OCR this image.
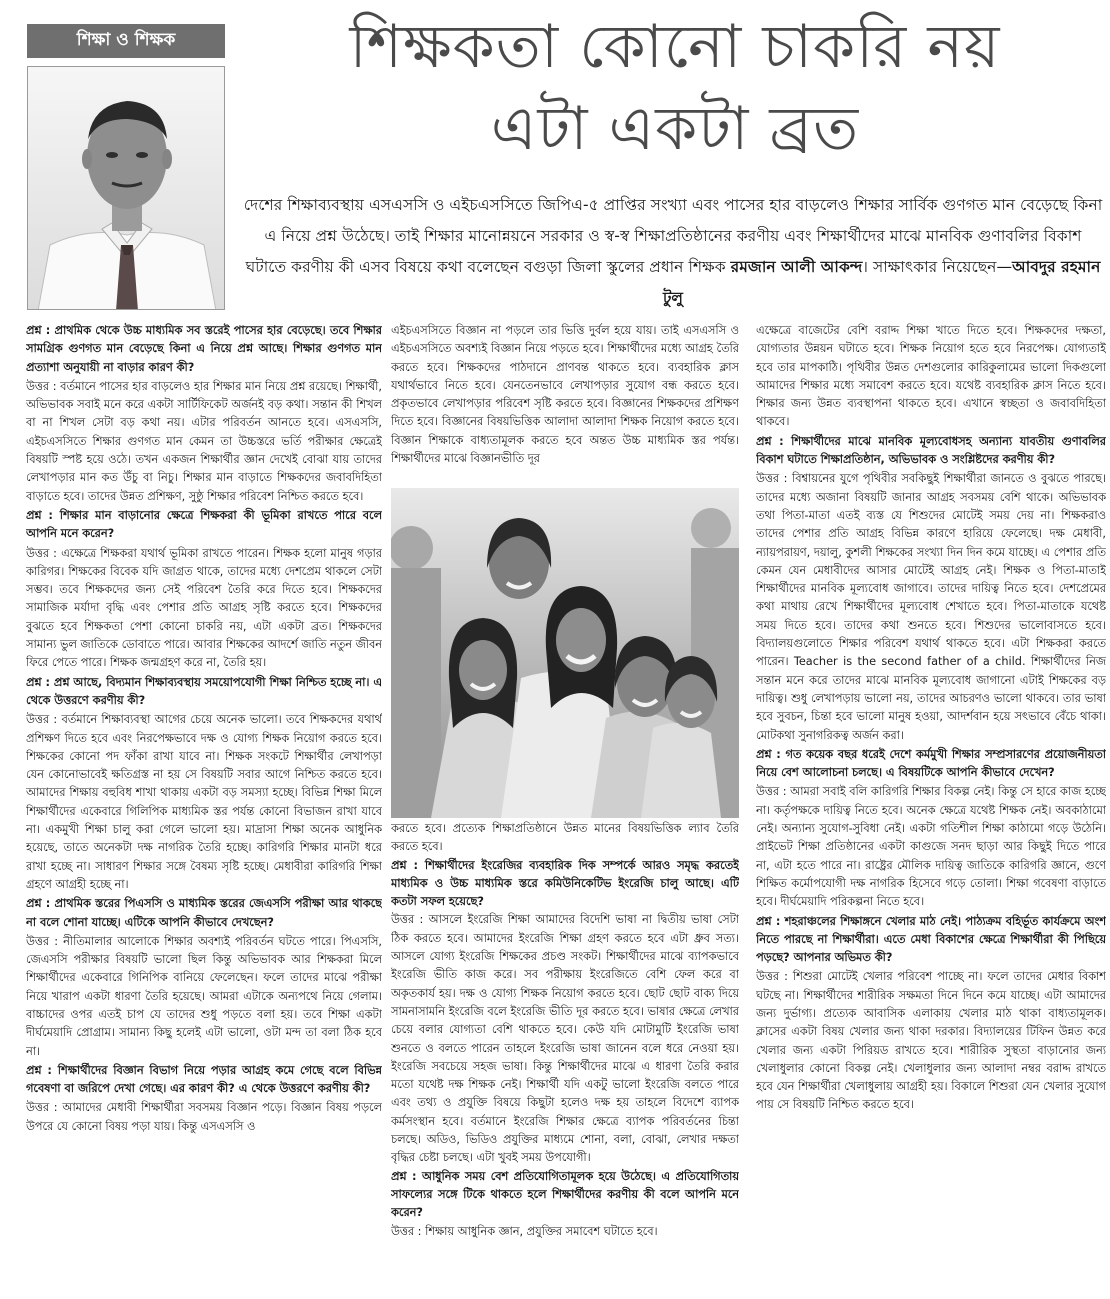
শিক্ষা ও শিক্ষক	শিক্ষকতা কোনো চাকরি নয়
এটা একটা ব্রত
দেশের শিক্ষাব্যবস্থায় এসএসসি ও এইচএসসিতে জিপিএ-৫ প্রাপ্তির সংখ্যা এবং পাসের হার বাড়লেও শিক্ষার সার্বিক গুণগত মান বেড়েছে কিনা এ নিয়ে প্রশ্ন উঠেছে। তাই শিক্ষার মানোন্নয়নে সরকার ও স্ব-স্ব শিক্ষাপ্রতিষ্ঠানের করণীয় এবং শিক্ষার্থীদের মাঝে মানবিক গুণাবলির বিকাশ ঘটাতে করণীয় কী এসব বিষয়ে কথা বলেছেন বগুড়া জিলা স্কুলের প্রধান শিক্ষক রমজান আলী আকন্দ। সাক্ষাৎকার নিয়েছেন—আবদুর রহমান টুলু

প্রশ্ন : প্রাথমিক থেকে উচ্চ মাধ্যমিক সব স্তরেই পাসের হার বেড়েছে। তবে শিক্ষার সামগ্রিক গুণগত মান বেড়েছে কিনা এ নিয়ে প্রশ্ন আছে। শিক্ষার গুণগত মান প্রত্যাশা অনুযায়ী না বাড়ার কারণ কী?

উত্তর : বর্তমানে পাসের হার বাড়লেও হার শিক্ষার মান নিয়ে প্রশ্ন রয়েছে। শিক্ষার্থী, অভিভাবক সবাই মনে করে একটা সার্টিফিকেট অর্জনই বড় কথা। সন্তান কী শিখল বা না শিখল সেটা বড় কথা নয়। এটার পরিবর্তন আনতে হবে। এসএসসি, এইচএসসিতে শিক্ষার গুণগত মান কেমন তা উচ্চস্তরে ভর্তি পরীক্ষার ক্ষেত্রেই বিষয়টি স্পষ্ট হয়ে ওঠে। তখন একজন শিক্ষার্থীর জ্ঞান দেখেই বোঝা যায় তাদের লেখাপড়ার মান কত উঁচু বা নিচু। শিক্ষার মান বাড়াতে শিক্ষকদের জবাবদিহিতা বাড়াতে হবে। তাদের উন্নত প্রশিক্ষণ, সুষ্ঠু শিক্ষার পরিবেশ নিশ্চিত করতে হবে।

প্রশ্ন : শিক্ষার মান বাড়ানোর ক্ষেত্রে শিক্ষকরা কী ভূমিকা রাখতে পারে বলে আপনি মনে করেন?

উত্তর : এক্ষেত্রে শিক্ষকরা যথার্থ ভূমিকা রাখতে পারেন। শিক্ষক হলো মানুষ গড়ার কারিগর। শিক্ষকের বিবেক যদি জাগ্রত থাকে, তাদের মধ্যে দেশপ্রেম থাকলে সেটা সম্ভব। তবে শিক্ষকদের জন্য সেই পরিবেশ তৈরি করে দিতে হবে। শিক্ষকদের সামাজিক মর্যাদা বৃদ্ধি এবং পেশার প্রতি আগ্রহ সৃষ্টি করতে হবে। শিক্ষকদের বুঝতে হবে শিক্ষকতা পেশা কোনো চাকরি নয়, এটা একটা ব্রত। শিক্ষকদের সামান্য ভুল জাতিকে ডোবাতে পারে। আবার শিক্ষকের আদর্শে জাতি নতুন জীবন ফিরে পেতে পারে। শিক্ষক জন্মগ্রহণ করে না, তৈরি হয়।

প্রশ্ন : প্রশ্ন আছে, বিদ্যমান শিক্ষাব্যবস্থায় সময়োপযোগী শিক্ষা নিশ্চিত হচ্ছে না। এ থেকে উত্তরণে করণীয় কী?

উত্তর : বর্তমানে শিক্ষাব্যবস্থা আগের চেয়ে অনেক ভালো। তবে শিক্ষকদের যথার্থ প্রশিক্ষণ দিতে হবে এবং নিরপেক্ষভাবে দক্ষ ও যোগ্য শিক্ষক নিয়োগ করতে হবে। শিক্ষকের কোনো পদ ফাঁকা রাখা যাবে না। শিক্ষক সংকটে শিক্ষার্থীর লেখাপড়া যেন কোনোভাবেই ক্ষতিগ্রস্ত না হয় সে বিষয়টি সবার আগে নিশ্চিত করতে হবে। আমাদের শিক্ষায় বহুবিধ শাখা থাকায় একটা বড় সমস্যা হচ্ছে। বিভিন্ন শিক্ষা মিলে শিক্ষার্থীদের একেবারে গিলিপিক মাধ্যমিক স্তর পর্যন্ত কোনো বিভাজন রাখা যাবে না। একমুখী শিক্ষা চালু করা গেলে ভালো হয়। মাদ্রাসা শিক্ষা অনেক আধুনিক হয়েছে, তাতে অনেকটা দক্ষ নাগরিক তৈরি হচ্ছে। কারিগরি শিক্ষার মানটা ধরে রাখা হচ্ছে না। সাধারণ শিক্ষার সঙ্গে বৈষম্য সৃষ্টি হচ্ছে। মেধাবীরা কারিগরি শিক্ষা গ্রহণে আগ্রহী হচ্ছে না।

প্রশ্ন : প্রাথমিক স্তরের পিএসসি ও মাধ্যমিক স্তরের জেএসসি পরীক্ষা আর থাকছে না বলে শোনা যাচ্ছে। এটিকে আপনি কীভাবে দেখছেন?

উত্তর : নীতিমালার আলোকে শিক্ষার অবশ্যই পরিবর্তন ঘটতে পারে। পিএসসি, জেএসসি পরীক্ষার বিষয়টি ভালো ছিল কিন্তু অভিভাবক আর শিক্ষকরা মিলে শিক্ষার্থীদের একেবারে গিনিপিক বানিয়ে ফেলেছেন। ফলে তাদের মাঝে পরীক্ষা নিয়ে খারাপ একটা ধারণা তৈরি হয়েছে। আমরা এটাকে অন্যপথে নিয়ে গেলাম। বাচ্চাদের ওপর এতই চাপ যে তাদের শুধু পড়তে বলা হয়। তবে শিক্ষা একটা দীর্ঘমেয়াদি প্রোগ্রাম। সামান্য কিছু হলেই এটা ভালো, ওটা মন্দ তা বলা ঠিক হবে না।

প্রশ্ন : শিক্ষার্থীদের বিজ্ঞান বিভাগ নিয়ে পড়ার আগ্রহ কমে গেছে বলে বিভিন্ন গবেষণা বা জরিপে দেখা গেছে। এর কারণ কী? এ থেকে উত্তরণে করণীয় কী?

উত্তর : আমাদের মেধাবী শিক্ষার্থীরা সবসময় বিজ্ঞান পড়ে। বিজ্ঞান বিষয় পড়লে উপরে যে কোনো বিষয় পড়া যায়। কিন্তু এসএসসি ও

এইচএসসিতে বিজ্ঞান না পড়লে তার ভিত্তি দুর্বল হয়ে যায়। তাই এসএসসি ও এইচএসসিতে অবশ্যই বিজ্ঞান নিয়ে পড়তে হবে। শিক্ষার্থীদের মধ্যে আগ্রহ তৈরি করতে হবে। শিক্ষকদের পাঠদানে প্রাণবন্ত থাকতে হবে। ব্যবহারিক ক্লাস যথার্থভাবে নিতে হবে। যেনতেনভাবে লেখাপড়ার সুযোগ বন্ধ করতে হবে। প্রকৃতভাবে লেখাপড়ার পরিবেশ সৃষ্টি করতে হবে। বিজ্ঞানের শিক্ষকদের প্রশিক্ষণ দিতে হবে। বিজ্ঞানের বিষয়ভিত্তিক আলাদা আলাদা শিক্ষক নিয়োগ করতে হবে। বিজ্ঞান শিক্ষাকে বাধ্যতামূলক করতে হবে অন্তত উচ্চ মাধ্যমিক স্তর পর্যন্ত। শিক্ষার্থীদের মাঝে বিজ্ঞানভীতি দূর

করতে হবে। প্রত্যেক শিক্ষাপ্রতিষ্ঠানে উন্নত মানের বিষয়ভিত্তিক ল্যাব তৈরি করতে হবে।

প্রশ্ন : শিক্ষার্থীদের ইংরেজির ব্যবহারিক দিক সম্পর্কে আরও সমৃদ্ধ করতেই মাধ্যমিক ও উচ্চ মাধ্যমিক স্তরে কমিউনিকেটিভ ইংরেজি চালু আছে। এটি কতটা সফল হয়েছে?

উত্তর : আসলে ইংরেজি শিক্ষা আমাদের বিদেশি ভাষা না দ্বিতীয় ভাষা সেটা ঠিক করতে হবে। আমাদের ইংরেজি শিক্ষা গ্রহণ করতে হবে এটা ধ্রুব সত্য। আসলে যোগ্য ইংরেজি শিক্ষকের প্রচণ্ড সংকট। শিক্ষার্থীদের মাঝে ব্যাপকভাবে ইংরেজি ভীতি কাজ করে। সব পরীক্ষায় ইংরেজিতে বেশি ফেল করে বা অকৃতকার্য হয়। দক্ষ ও যোগ্য শিক্ষক নিয়োগ করতে হবে। ছোট ছোট বাক্য দিয়ে সামনাসামনি ইংরেজি বলে ইংরেজি ভীতি দূর করতে হবে। ভাষার ক্ষেত্রে লেখার চেয়ে বলার যোগ্যতা বেশি থাকতে হবে। কেউ যদি মোটামুটি ইংরেজি ভাষা শুনতে ও বলতে পারেন তাহলে ইংরেজি ভাষা জানেন বলে ধরে নেওয়া হয়। ইংরেজি সবচেয়ে সহজ ভাষা। কিন্তু শিক্ষার্থীদের মাঝে এ ধারণা তৈরি করার মতো যথেষ্ট দক্ষ শিক্ষক নেই। শিক্ষার্থী যদি একটু ভালো ইংরেজি বলতে পারে এবং তথ্য ও প্রযুক্তি বিষয়ে কিছুটা হলেও দক্ষ হয় তাহলে বিদেশে ব্যাপক কর্মসংস্থান হবে। বর্তমানে ইংরেজি শিক্ষার ক্ষেত্রে ব্যাপক পরিবর্তনের চিন্তা চলছে। অডিও, ভিডিও প্রযুক্তির মাধ্যমে শোনা, বলা, বোঝা, লেখার দক্ষতা বৃদ্ধির চেষ্টা চলছে। এটা খুবই সময় উপযোগী।

প্রশ্ন : আধুনিক সময় বেশ প্রতিযোগিতামূলক হয়ে উঠেছে। এ প্রতিযোগিতায় সাফল্যের সঙ্গে টিকে থাকতে হলে শিক্ষার্থীদের করণীয় কী বলে আপনি মনে করেন?

উত্তর : শিক্ষায় আধুনিক জ্ঞান, প্রযুক্তির সমাবেশ ঘটাতে হবে।

এক্ষেত্রে বাজেটের বেশি বরাদ্দ শিক্ষা খাতে দিতে হবে। শিক্ষকদের দক্ষতা, যোগ্যতার উন্নয়ন ঘটাতে হবে। শিক্ষক নিয়োগ হতে হবে নিরপেক্ষ। যোগ্যতাই হবে তার মাপকাঠি। পৃথিবীর উন্নত দেশগুলোর কারিকুলামের ভালো দিকগুলো আমাদের শিক্ষার মধ্যে সমাবেশ করতে হবে। যথেষ্ট ব্যবহারিক ক্লাস নিতে হবে। শিক্ষার জন্য উন্নত ব্যবস্থাপনা থাকতে হবে। এখানে স্বচ্ছতা ও জবাবদিহিতা থাকবে।

প্রশ্ন : শিক্ষার্থীদের মাঝে মানবিক মূল্যবোধসহ অন্যান্য যাবতীয় গুণাবলির বিকাশ ঘটাতে শিক্ষাপ্রতিষ্ঠান, অভিভাবক ও সংশ্লিষ্টদের করণীয় কী?

উত্তর : বিশ্বায়নের যুগে পৃথিবীর সবকিছুই শিক্ষার্থীরা জানতে ও বুঝতে পারছে। তাদের মধ্যে অজানা বিষয়টি জানার আগ্রহ সবসময় বেশি থাকে। অভিভাবক তথা পিতা-মাতা এতই ব্যস্ত যে শিশুদের মোটেই সময় দেয় না। শিক্ষকরাও তাদের পেশার প্রতি আগ্রহ বিভিন্ন কারণে হারিয়ে ফেলেছে। দক্ষ মেধাবী, ন্যায়পরায়ণ, দয়ালু, কুশলী শিক্ষকের সংখ্যা দিন দিন কমে যাচ্ছে। এ পেশার প্রতি কেমন যেন মেধাবীদের আসার মোটেই আগ্রহ নেই। শিক্ষক ও পিতা-মাতাই শিক্ষার্থীদের মানবিক মূল্যবোধ জাগাবে। তাদের দায়িত্ব নিতে হবে। দেশপ্রেমের কথা মাথায় রেখে শিক্ষার্থীদের মূল্যবোধ শেখাতে হবে। পিতা-মাতাকে যথেষ্ট সময় দিতে হবে। তাদের কথা শুনতে হবে। শিশুদের ভালোবাসতে হবে। বিদ্যালয়গুলোতে শিক্ষার পরিবেশ যথার্থ থাকতে হবে। এটা শিক্ষকরা করতে পারেন। Teacher is the second father of a child. শিক্ষার্থীদের নিজ সন্তান মনে করে তাদের মাঝে মানবিক মূল্যবোধ জাগানো এটাই শিক্ষকের বড় দায়িত্ব। শুধু লেখাপড়ায় ভালো নয়, তাদের আচরণও ভালো থাকবে। তার ভাষা হবে সুবচন, চিন্তা হবে ভালো মানুষ হওয়া, আদর্শবান হয়ে সৎভাবে বেঁচে থাকা। মোটকথা সুনাগরিকত্ব অর্জন করা।

প্রশ্ন : গত কয়েক বছর ধরেই দেশে কর্মমুখী শিক্ষার সম্প্রসারণের প্রয়োজনীয়তা নিয়ে বেশ আলোচনা চলছে। এ বিষয়টিকে আপনি কীভাবে দেখেন?

উত্তর : আমরা সবাই বলি কারিগরি শিক্ষার বিকল্প নেই। কিন্তু সে হারে কাজ হচ্ছে না। কর্তৃপক্ষকে দায়িত্ব নিতে হবে। অনেক ক্ষেত্রে যথেষ্ট শিক্ষক নেই। অবকাঠামো নেই। অন্যান্য সুযোগ-সুবিধা নেই। একটা গতিশীল শিক্ষা কাঠামো গড়ে উঠেনি। প্রাইভেট শিক্ষা প্রতিষ্ঠানের একটা কাগুজে সনদ ছাড়া আর কিছুই দিতে পারে না, এটা হতে পারে না। রাষ্ট্রের মৌলিক দায়িত্ব জাতিকে কারিগরি জ্ঞানে, গুণে শিক্ষিত কর্মোপযোগী দক্ষ নাগরিক হিসেবে গড়ে তোলা। শিক্ষা গবেষণা বাড়াতে হবে। দীর্ঘমেয়াদি পরিকল্পনা নিতে হবে।

প্রশ্ন : শহরাঞ্চলের শিক্ষাঙ্গনে খেলার মাঠ নেই। পাঠ্যক্রম বহির্ভূত কার্যক্রমে অংশ নিতে পারছে না শিক্ষার্থীরা। এতে মেধা বিকাশের ক্ষেত্রে শিক্ষার্থীরা কী পিছিয়ে পড়ছে? আপনার অভিমত কী?

উত্তর : শিশুরা মোটেই খেলার পরিবেশ পাচ্ছে না। ফলে তাদের মেধার বিকাশ ঘটছে না। শিক্ষার্থীদের শারীরিক সক্ষমতা দিনে দিনে কমে যাচ্ছে। এটা আমাদের জন্য দুর্ভাগ্য। প্রত্যেক আবাসিক এলাকায় খেলার মাঠ থাকা বাধ্যতামূলক। ক্লাসের একটা বিষয় খেলার জন্য থাকা দরকার। বিদ্যালয়ের টিফিন উন্নত করে খেলার জন্য একটা পিরিয়ড রাখতে হবে। শারীরিক সুস্থতা বাড়ানোর জন্য খেলাধুলার কোনো বিকল্প নেই। খেলাধুলার জন্য আলাদা নম্বর বরাদ্দ রাখতে হবে যেন শিক্ষার্থীরা খেলাধুলায় আগ্রহী হয়। বিকালে শিশুরা যেন খেলার সুযোগ পায় সে বিষয়টি নিশ্চিত করতে হবে।
